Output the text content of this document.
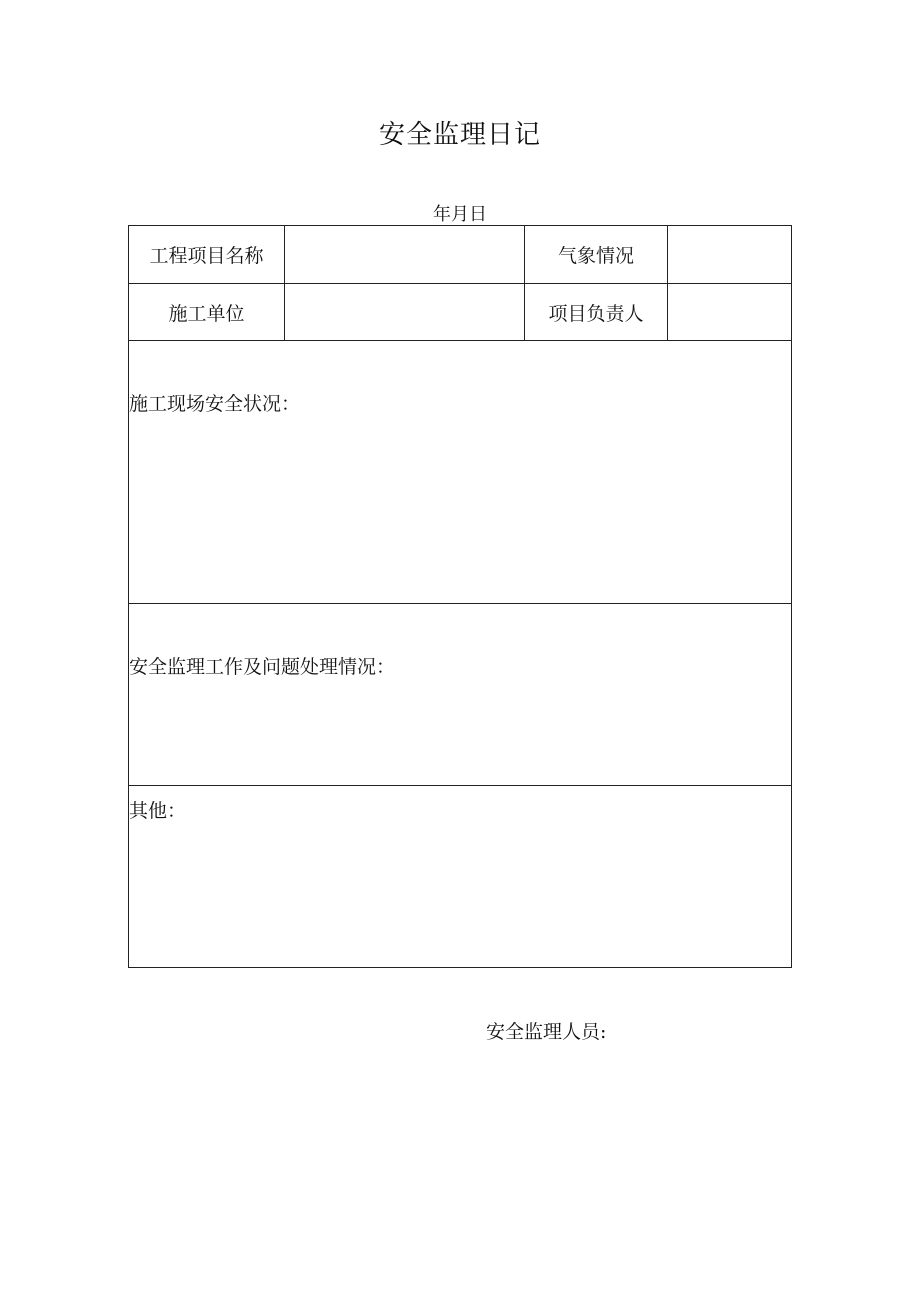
安全监理日记
年月日
工程项目名称		气象情况	
施工单位		项目负责人	

施工现场安全状况：			

安全监理工作及问题处理情况：			

其他：			
安全监理人员:
